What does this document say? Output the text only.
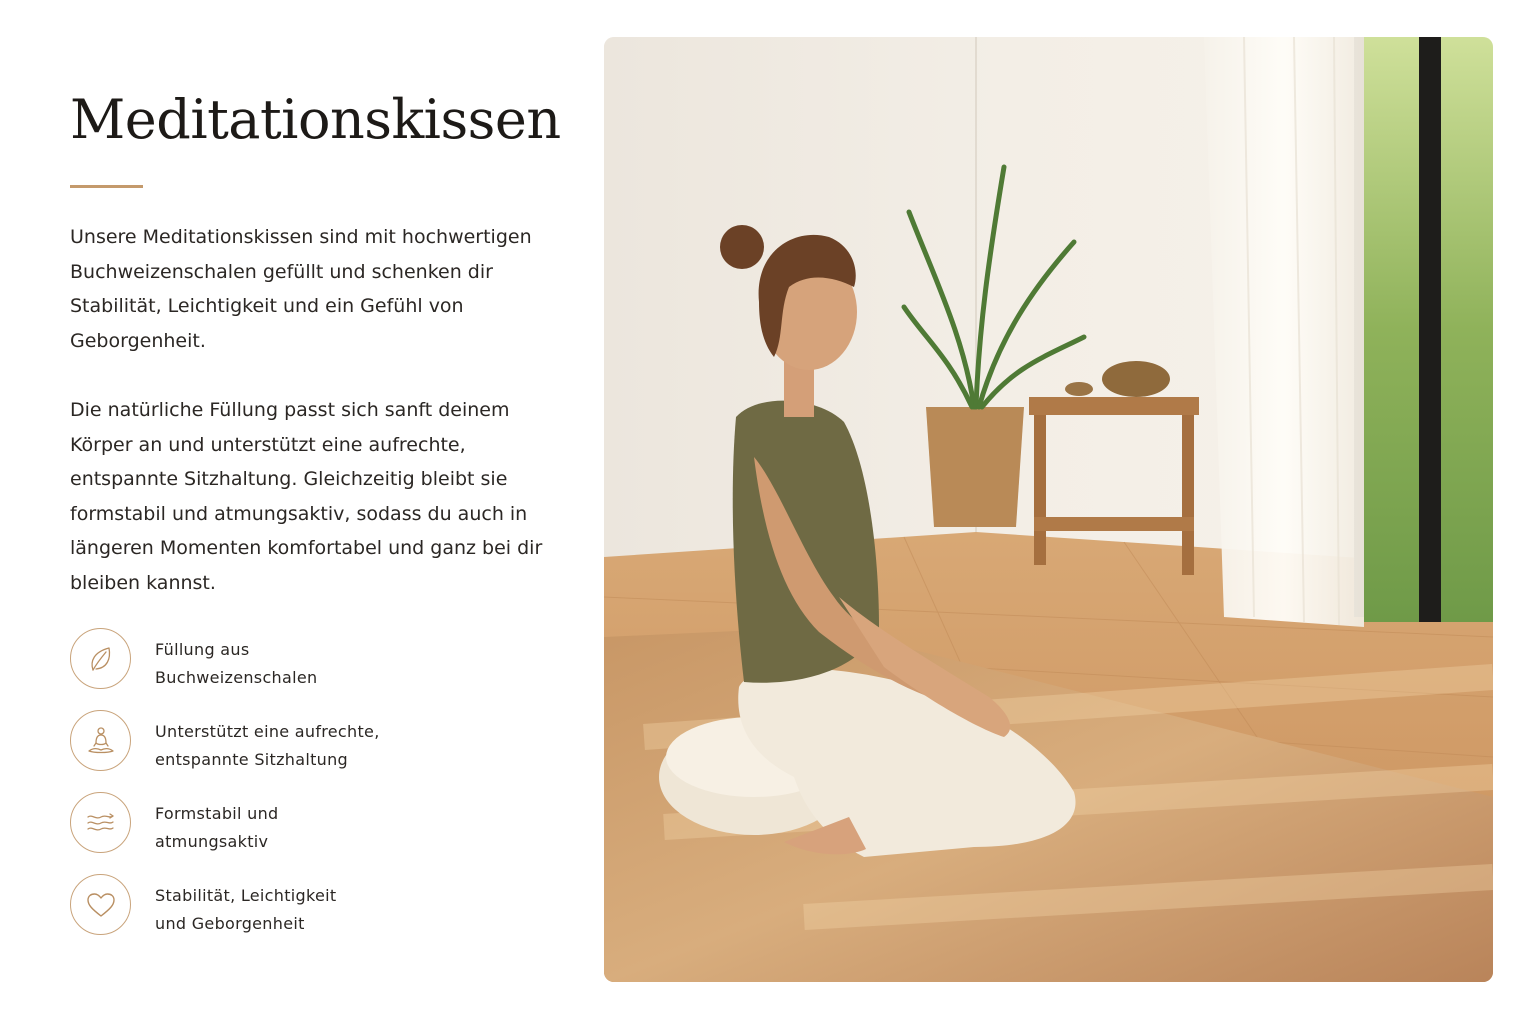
Meditationskissen

Unsere Meditationskissen sind mit hochwertigen Buchweizenschalen gefüllt und schenken dir Stabilität, Leichtigkeit und ein Gefühl von Geborgenheit.

Die natürliche Füllung passt sich sanft deinem Körper an und unterstützt eine aufrechte, entspannte Sitzhaltung. Gleichzeitig bleibt sie formstabil und atmungsaktiv, sodass du auch in längeren Momenten komfortabel und ganz bei dir bleiben kannst.

Füllung aus
Buchweizenschalen
Unterstützt eine aufrechte,
entspannte Sitzhaltung
Formstabil und
atmungsaktiv
Stabilität, Leichtigkeit
und Geborgenheit
